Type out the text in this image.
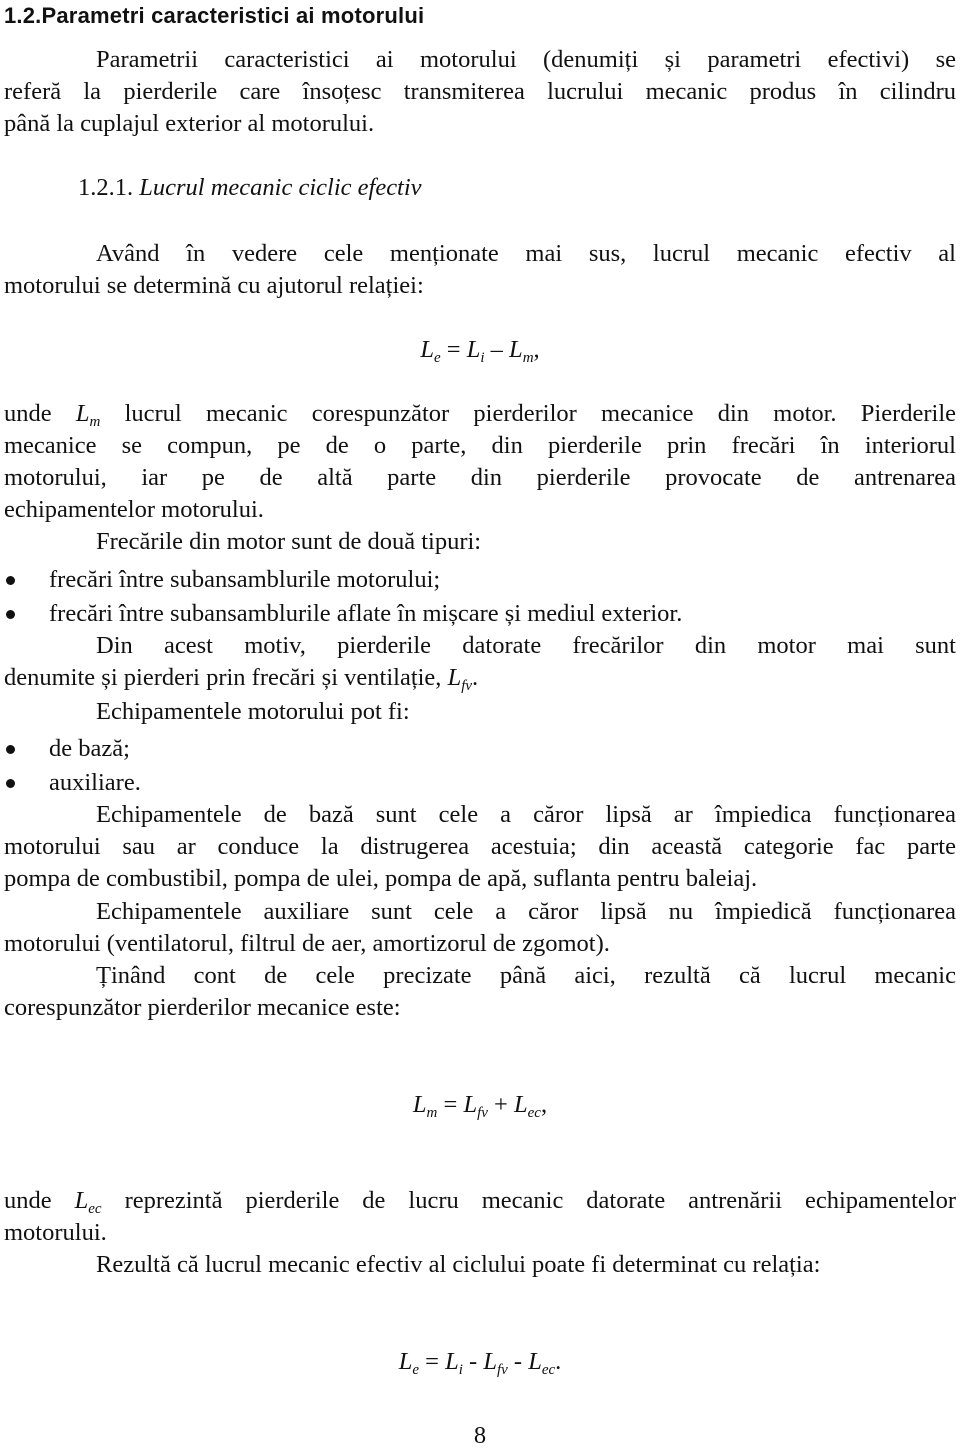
1.2.Parametri caracteristici ai motorului
Parametrii caracteristici ai motorului (denumiți și parametri efectivi) se
referă la pierderile care însoțesc transmiterea lucrului mecanic produs în cilindru
până la cuplajul exterior al motorului.
1.2.1. Lucrul mecanic ciclic efectiv
Având în vedere cele menționate mai sus, lucrul mecanic efectiv al
motorului se determină cu ajutorul relației:
$L_e = L_i - L_m$,
unde $L_m$ lucrul mecanic corespunzător pierderilor mecanice din motor. Pierderile
mecanice se compun, pe de o parte, din pierderile prin frecări în interiorul
motorului, iar pe de altă parte din pierderile provocate de antrenarea
echipamentelor motorului.
Frecările din motor sunt de două tipuri:
frecări între subansamblurile motorului;
frecări între subansamblurile aflate în mișcare și mediul exterior.
Din acest motiv, pierderile datorate frecărilor din motor mai sunt
denumite și pierderi prin frecări și ventilație, $L_{fv}$.
Echipamentele motorului pot fi:
de bază;
auxiliare.
Echipamentele de bază sunt cele a căror lipsă ar împiedica funcționarea
motorului sau ar conduce la distrugerea acestuia; din această categorie fac parte
pompa de combustibil, pompa de ulei, pompa de apă, suflanta pentru baleiaj.
Echipamentele auxiliare sunt cele a căror lipsă nu împiedică funcționarea
motorului (ventilatorul, filtrul de aer, amortizorul de zgomot).
Ținând cont de cele precizate până aici, rezultă că lucrul mecanic
corespunzător pierderilor mecanice este:
$L_m = L_{fv} + L_{ec}$,
unde $L_{ec}$ reprezintă pierderile de lucru mecanic datorate antrenării echipamentelor
motorului.
Rezultă că lucrul mecanic efectiv al ciclului poate fi determinat cu relația:
$L_e = L_i - L_{fv} - L_{ec}$.
8
